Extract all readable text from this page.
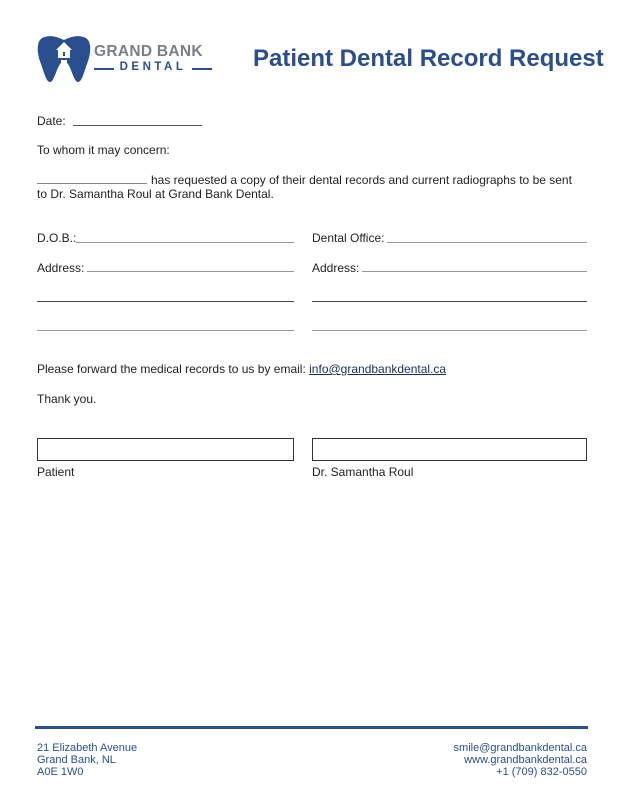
GRAND BANK
DENTAL	Patient Dental Record Request
Date:
To whom it may concern:
has requested a copy of their dental records and current radiographs to be sent
to Dr. Samantha Roul at Grand Bank Dental.
D.O.B.:	Dental Office:
Address:	Address:
Please forward the medical records to us by email: info@grandbankdental.ca
Thank you.
Patient	Dr. Samantha Roul
21 Elizabeth Avenue
Grand Bank, NL
A0E 1W0
smile@grandbankdental.ca
www.grandbankdental.ca
+1 (709) 832-0550
